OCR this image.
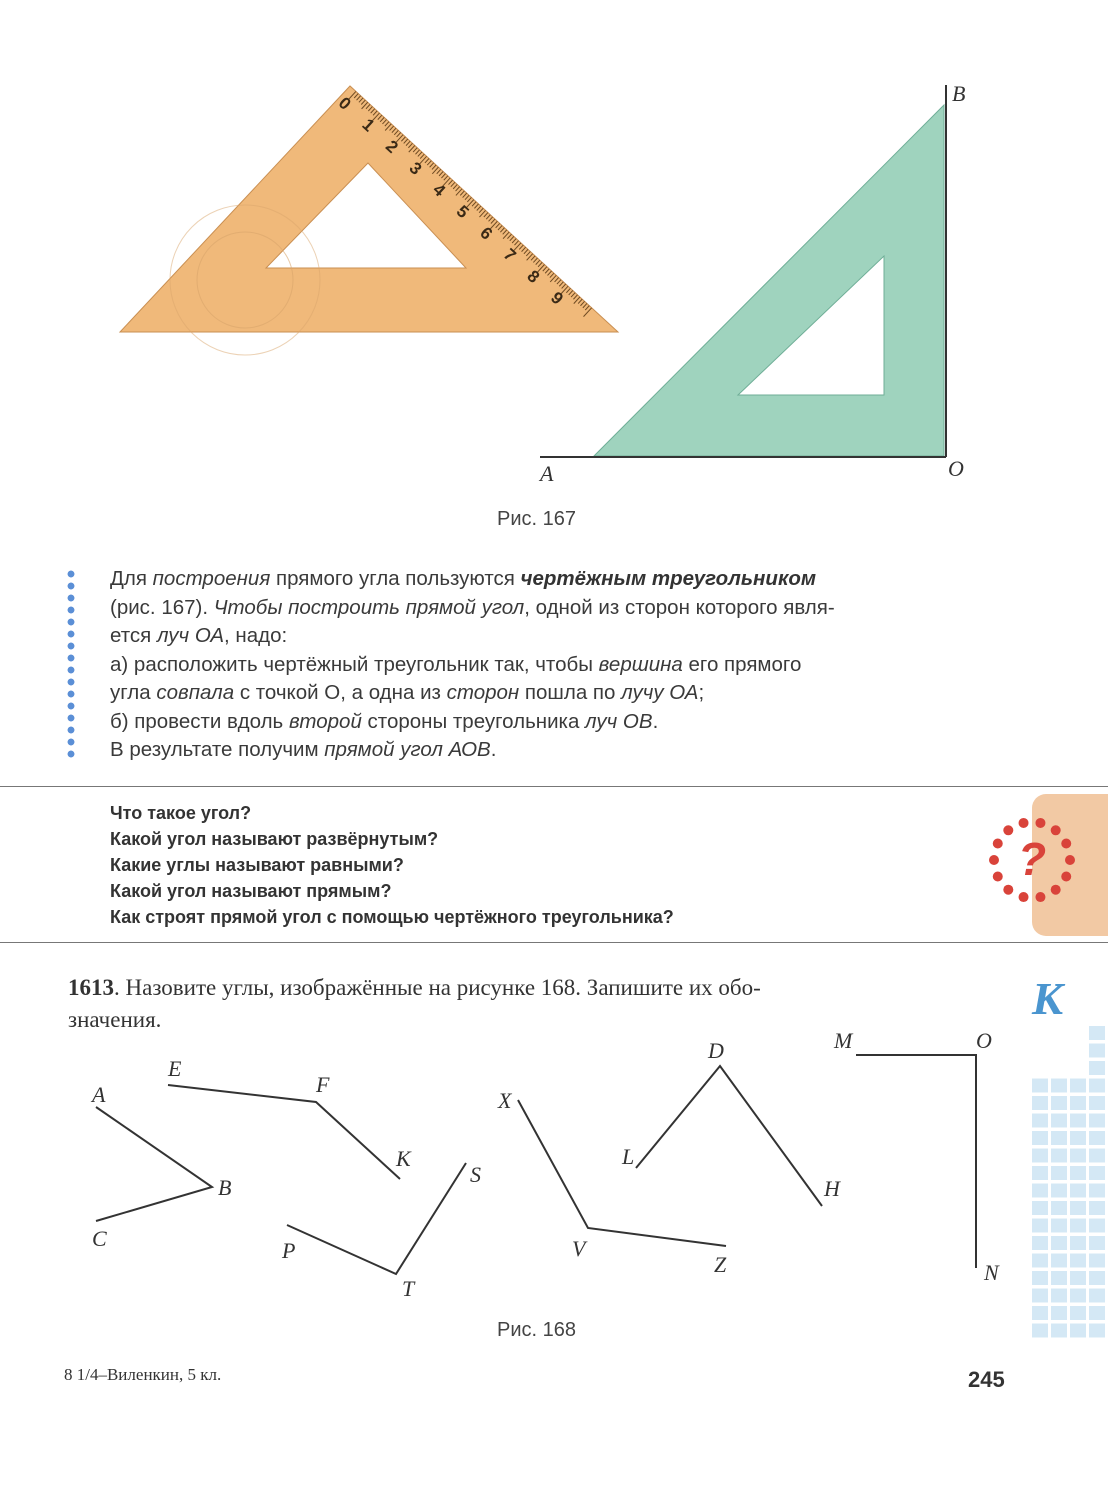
0
1
2
3
4
5
6
7
8
9
B
A	O
Рис. 167

Для построения прямого угла пользуются чертёжным треугольником

(рис. 167). Чтобы построить прямой угол, одной из сторон которого явля-

ется луч ОА, надо:

а) расположить чертёжный треугольник так, чтобы вершина его прямого

угла совпала с точкой О, а одна из сторон пошла по лучу ОА;

б) провести вдоль второй стороны треугольника луч ОВ.

В результате получим прямой угол АОВ.

?
Что такое угол?
Какой угол называют развёрнутым?
Какие углы называют равными?
Какой угол называют прямым?
Как строят прямой угол с помощью чертёжного треугольника?
1613. Назовите углы, изображённые на рисунке 168. Запишите их обо-
значения.	К
A
B
C
E
F
K
P
T
S
X
V
Z
L
D
H
M	O
N
Рис. 168
8 1/4–Виленкин, 5 кл.	245
